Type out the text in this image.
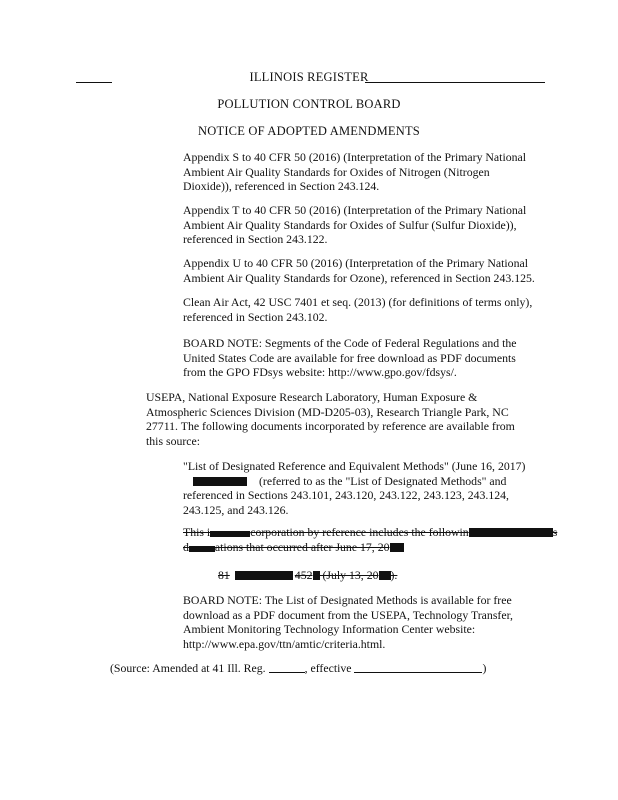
ILLINOIS REGISTER
POLLUTION CONTROL BOARD
NOTICE OF ADOPTED AMENDMENTS
Appendix S to 40 CFR 50 (2016) (Interpretation of the Primary National
Ambient Air Quality Standards for Oxides of Nitrogen (Nitrogen
Dioxide)), referenced in Section 243.124.
Appendix T to 40 CFR 50 (2016) (Interpretation of the Primary National
Ambient Air Quality Standards for Oxides of Sulfur (Sulfur Dioxide)),
referenced in Section 243.122.
Appendix U to 40 CFR 50 (2016) (Interpretation of the Primary National
Ambient Air Quality Standards for Ozone), referenced in Section 243.125.
Clean Air Act, 42 USC 7401 et seq. (2013) (for definitions of terms only),
referenced in Section 243.102.
BOARD NOTE: Segments of the Code of Federal Regulations and the
United States Code are available for free download as PDF documents
from the GPO FDsys website: http://www.gpo.gov/fdsys/.
USEPA, National Exposure Research Laboratory, Human Exposure &
Atmospheric Sciences Division (MD-D205-03), Research Triangle Park, NC
27711. The following documents incorporated by reference are available from
this source:
"List of Designated Reference and Equivalent Methods" (June 16, 2017)
(referred to as the "List of Designated Methods" and
referenced in Sections 243.101, 243.120, 243.122, 243.123, 243.124,
243.125, and 243.126.
This i	corporation by reference includes the followin	s
d ations that occurred after June 17, 20
81	452 (July 13, 20 ).
BOARD NOTE: The List of Designated Methods is available for free
download as a PDF document from the USEPA, Technology Transfer,
Ambient Monitoring Technology Information Center website:
http://www.epa.gov/ttn/amtic/criteria.html.
(Source: Amended at 41 Ill. Reg.	, effective	)
